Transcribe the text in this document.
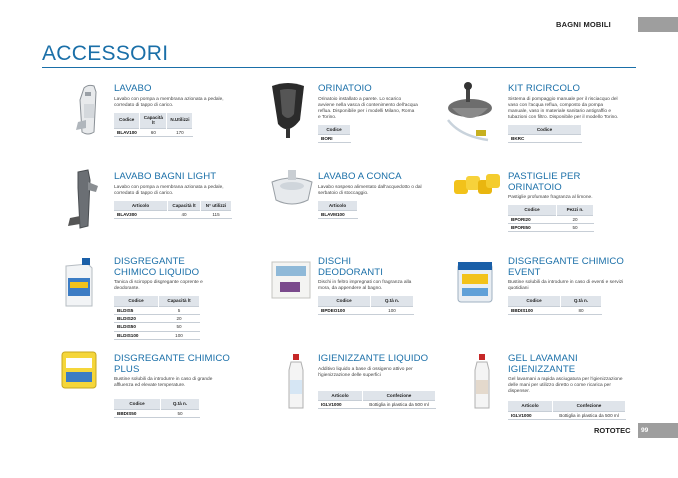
BAGNI MOBILI
ACCESSORI
LAVABO
Lavabo con pompa a membrana azionata a pedale, corredato di tappo di carico.
Codice	Capacità lt	N.Utilizzi
BLAV100	60	170
ORINATOIO
Orinatoio installato a parete. Lo scarico avviene nella vasca di contenimento dell'acqua reflua. Disponibile per i modelli Milano, Roma e Torino.
Codice
BORI
KIT RICIRCOLO
Sistema di pompaggio manuale per il risciacquo del vaso con l'acqua reflua, composto da pompa manuale, vaso in materiale sanitario antigraffio e tubazioni con filtro. Disponibile per il modello Torino.
Codice
BKRC
LAVABO BAGNI LIGHT
Lavabo con pompa a membrana azionata a pedale, corredato di tappo di carico.
Articolo	Capacità lt	N° utilizzi
BLAV300	40	115
LAVABO A CONCA
Lavabo sospeso alimentato dall'acquedotto o dal serbatoio di stoccaggio.
Articolo
BLAVM100
PASTIGLIE PER ORINATOIO
Pastiglie profumate fragranza al limone.
Codice	Pezzi n.
BPORI20	20
BPORI50	50
DISGREGANTE CHIMICO LIQUIDO
Tanica di sciroppo disgregante coprente e deodorante.
Codice	Capacità lt
BLDIS5	5
BLDIS20	20
BLDIS50	50
BLDIS100	100
DISCHI DEODORANTI
Dischi in feltro impregnati con fragranza alla mora, da appendere al bagno.
Codice	Q.tà n.
BPDEO100	100
DISGREGANTE CHIMICO EVENT
Bustine solubili da introdurre in caso di eventi e servizi quotidiani
Codice	Q.tà n.
BBDIS100	80
DISGREGANTE CHIMICO PLUS
Bustine solubili da introdurre in caso di grande affluenza ed elevate temperature.
Codice	Q.tà n.
BBDIS50	50
IGIENIZZANTE LIQUIDO
Additivo liquido a base di ossigeno attivo per l'igienizzazione delle superfici
Articolo	Confezione
IGLV1000	Bottiglia in plastica da 500 ml
GEL LAVAMANI IGIENIZZANTE
Gel lavamani a rapida asciugatura per l'igienizzazione delle mani per utilizzo diretto o come ricarica per dispenser.
Articolo	Confezione
IGLV1000	Bottiglia in plastica da 500 ml
ROTOTEC	99
